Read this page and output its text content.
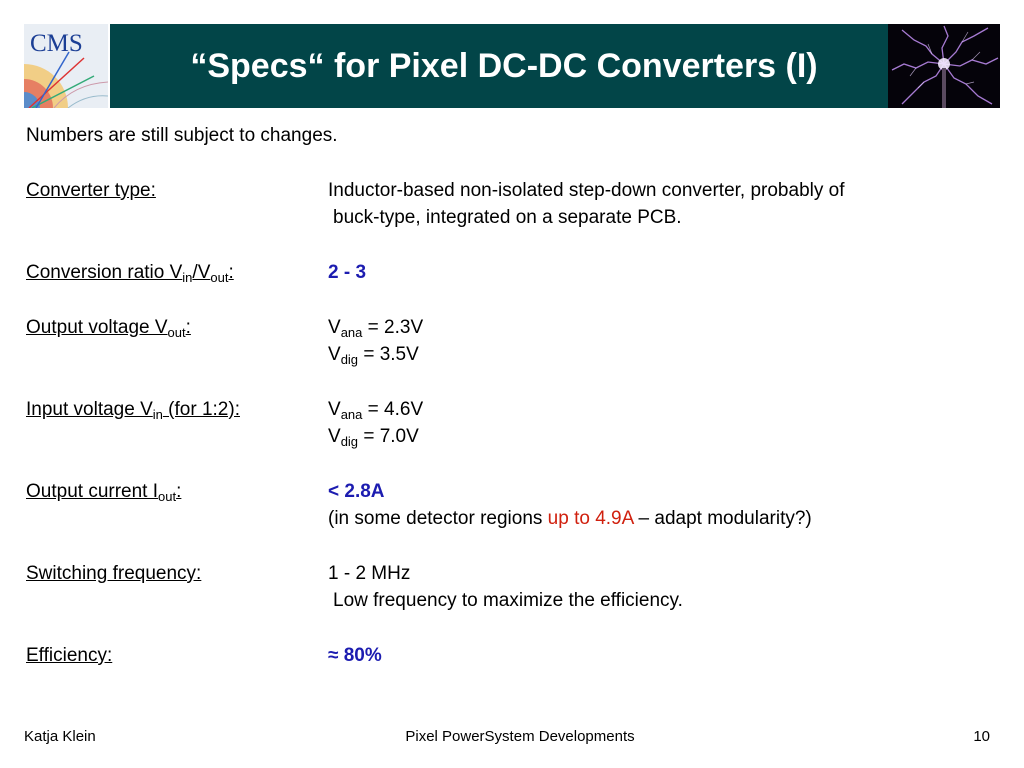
CMS
“Specs“ for Pixel DC-DC Converters (I)
Numbers are still subject to changes.
Converter type:	Inductor-based non-isolated step-down converter, probably of
buck-type, integrated on a separate PCB.
Conversion ratio $V_{in}/V_{out}$:	2 - 3
Output voltage $V_{out}$:	$V_{ana} = 2.3V$
$V_{dig} = 3.5V$
Input voltage $V_{in}$ (for 1:2):	$V_{ana} = 4.6V$
$V_{dig} = 7.0V$
Output current $I_{out}$:	< 2.8A
(in some detector regions up to 4.9A – adapt modularity?)
Switching frequency:	1 - 2 MHz
Low frequency to maximize the efficiency.
Efficiency:	≈ 80%
Katja Klein	Pixel PowerSystem Developments	10
